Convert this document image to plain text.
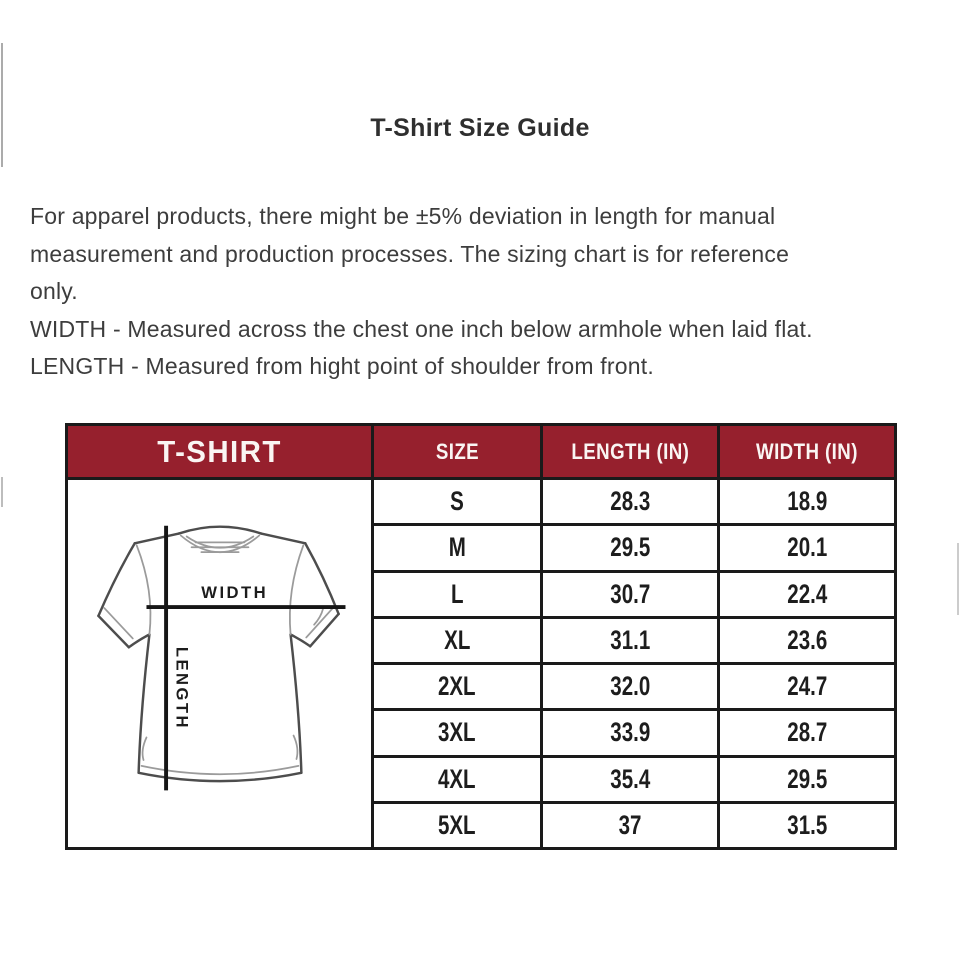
T-Shirt Size Guide
For apparel products, there might be ±5% deviation in length for manual
measurement and production processes. The sizing chart is for reference
only.
WIDTH - Measured across the chest one inch below armhole when laid flat.
LENGTH - Measured from hight point of shoulder from front.
T-SHIRT	SIZE	LENGTH (IN)	WIDTH (IN)

WIDTH
LENGTH	S	28.3	18.9
	M	29.5	20.1
	L	30.7	22.4
	XL	31.1	23.6
	2XL	32.0	24.7
	3XL	33.9	28.7
	4XL	35.4	29.5
	5XL	37	31.5
